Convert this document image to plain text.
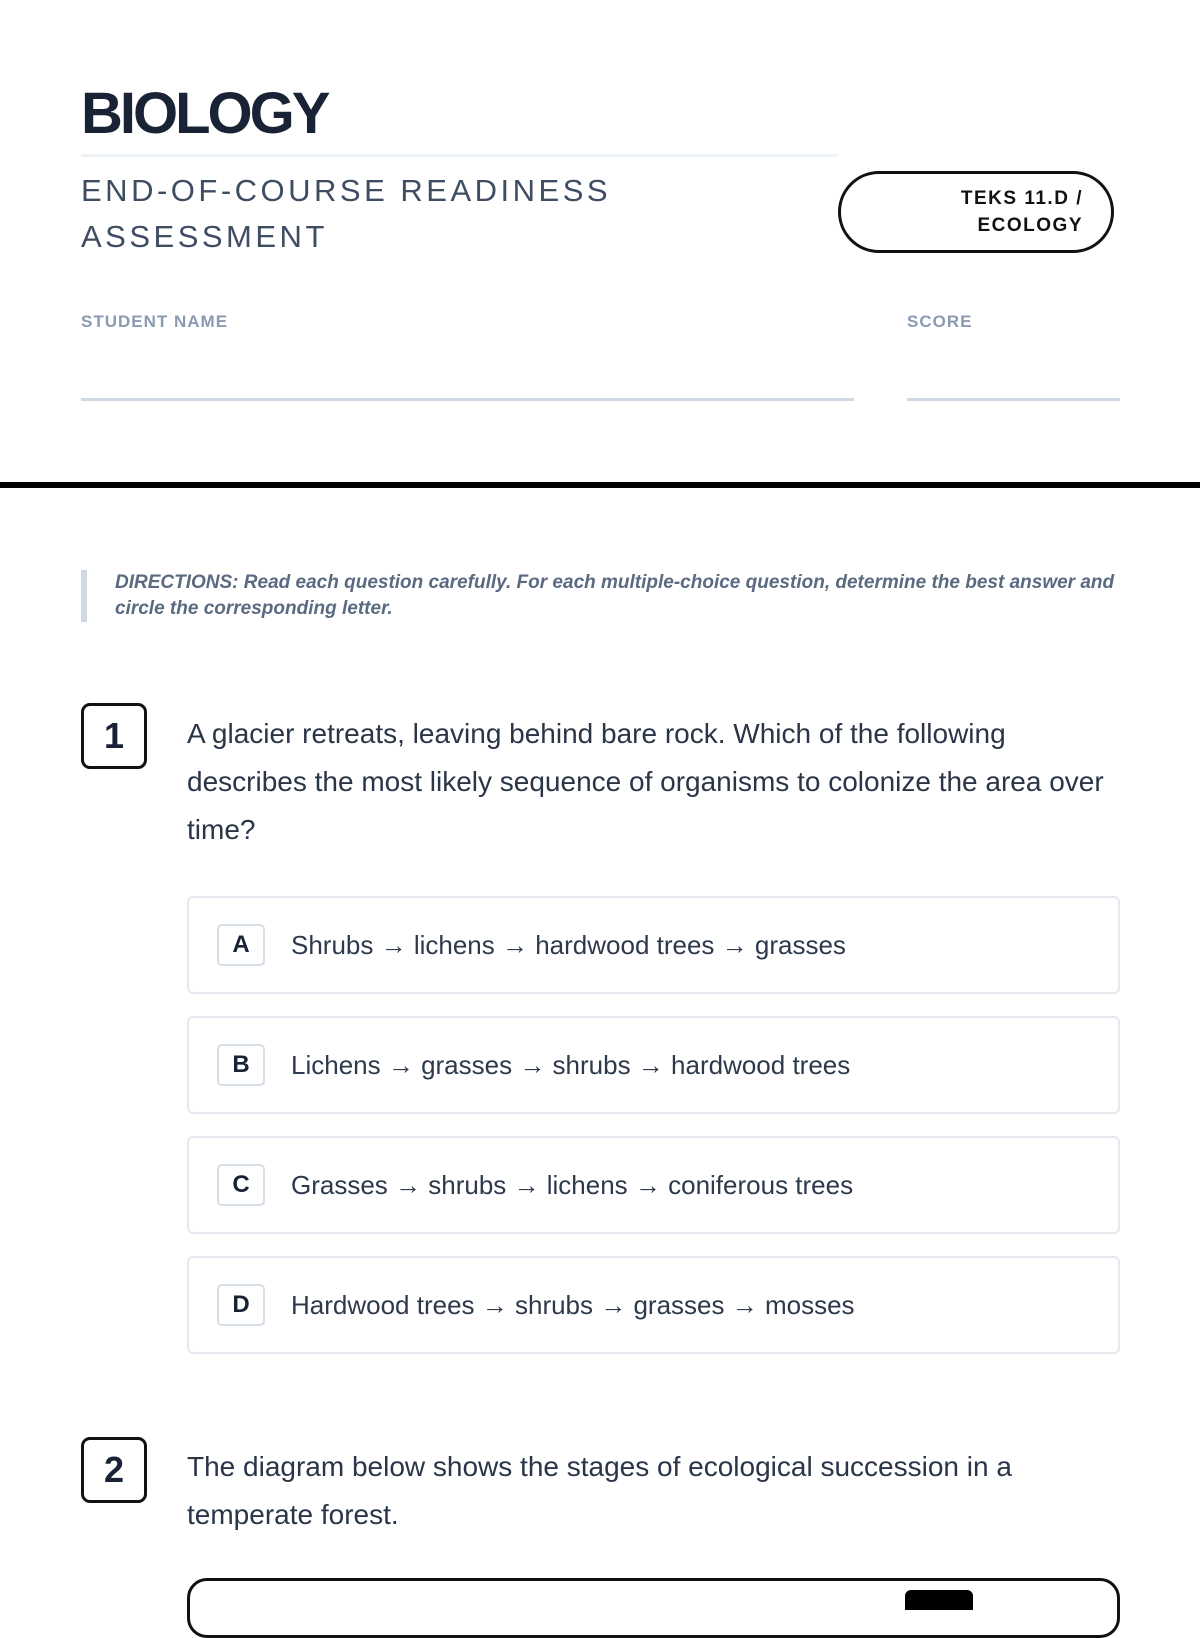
BIOLOGY
END-OF-COURSE READINESS ASSESSMENT
TEKS 11.D /
ECOLOGY
STUDENT NAME	SCORE
DIRECTIONS: Read each question carefully. For each multiple-choice question, determine the best answer and circle the corresponding letter.
1	A glacier retreats, leaving behind bare rock. Which of the following describes the most likely sequence of organisms to colonize the area over time?
A	Shrubs → lichens → hardwood trees → grasses
B	Lichens → grasses → shrubs → hardwood trees
C	Grasses → shrubs → lichens → coniferous trees
D	Hardwood trees → shrubs → grasses → mosses
2	The diagram below shows the stages of ecological succession in a temperate forest.
